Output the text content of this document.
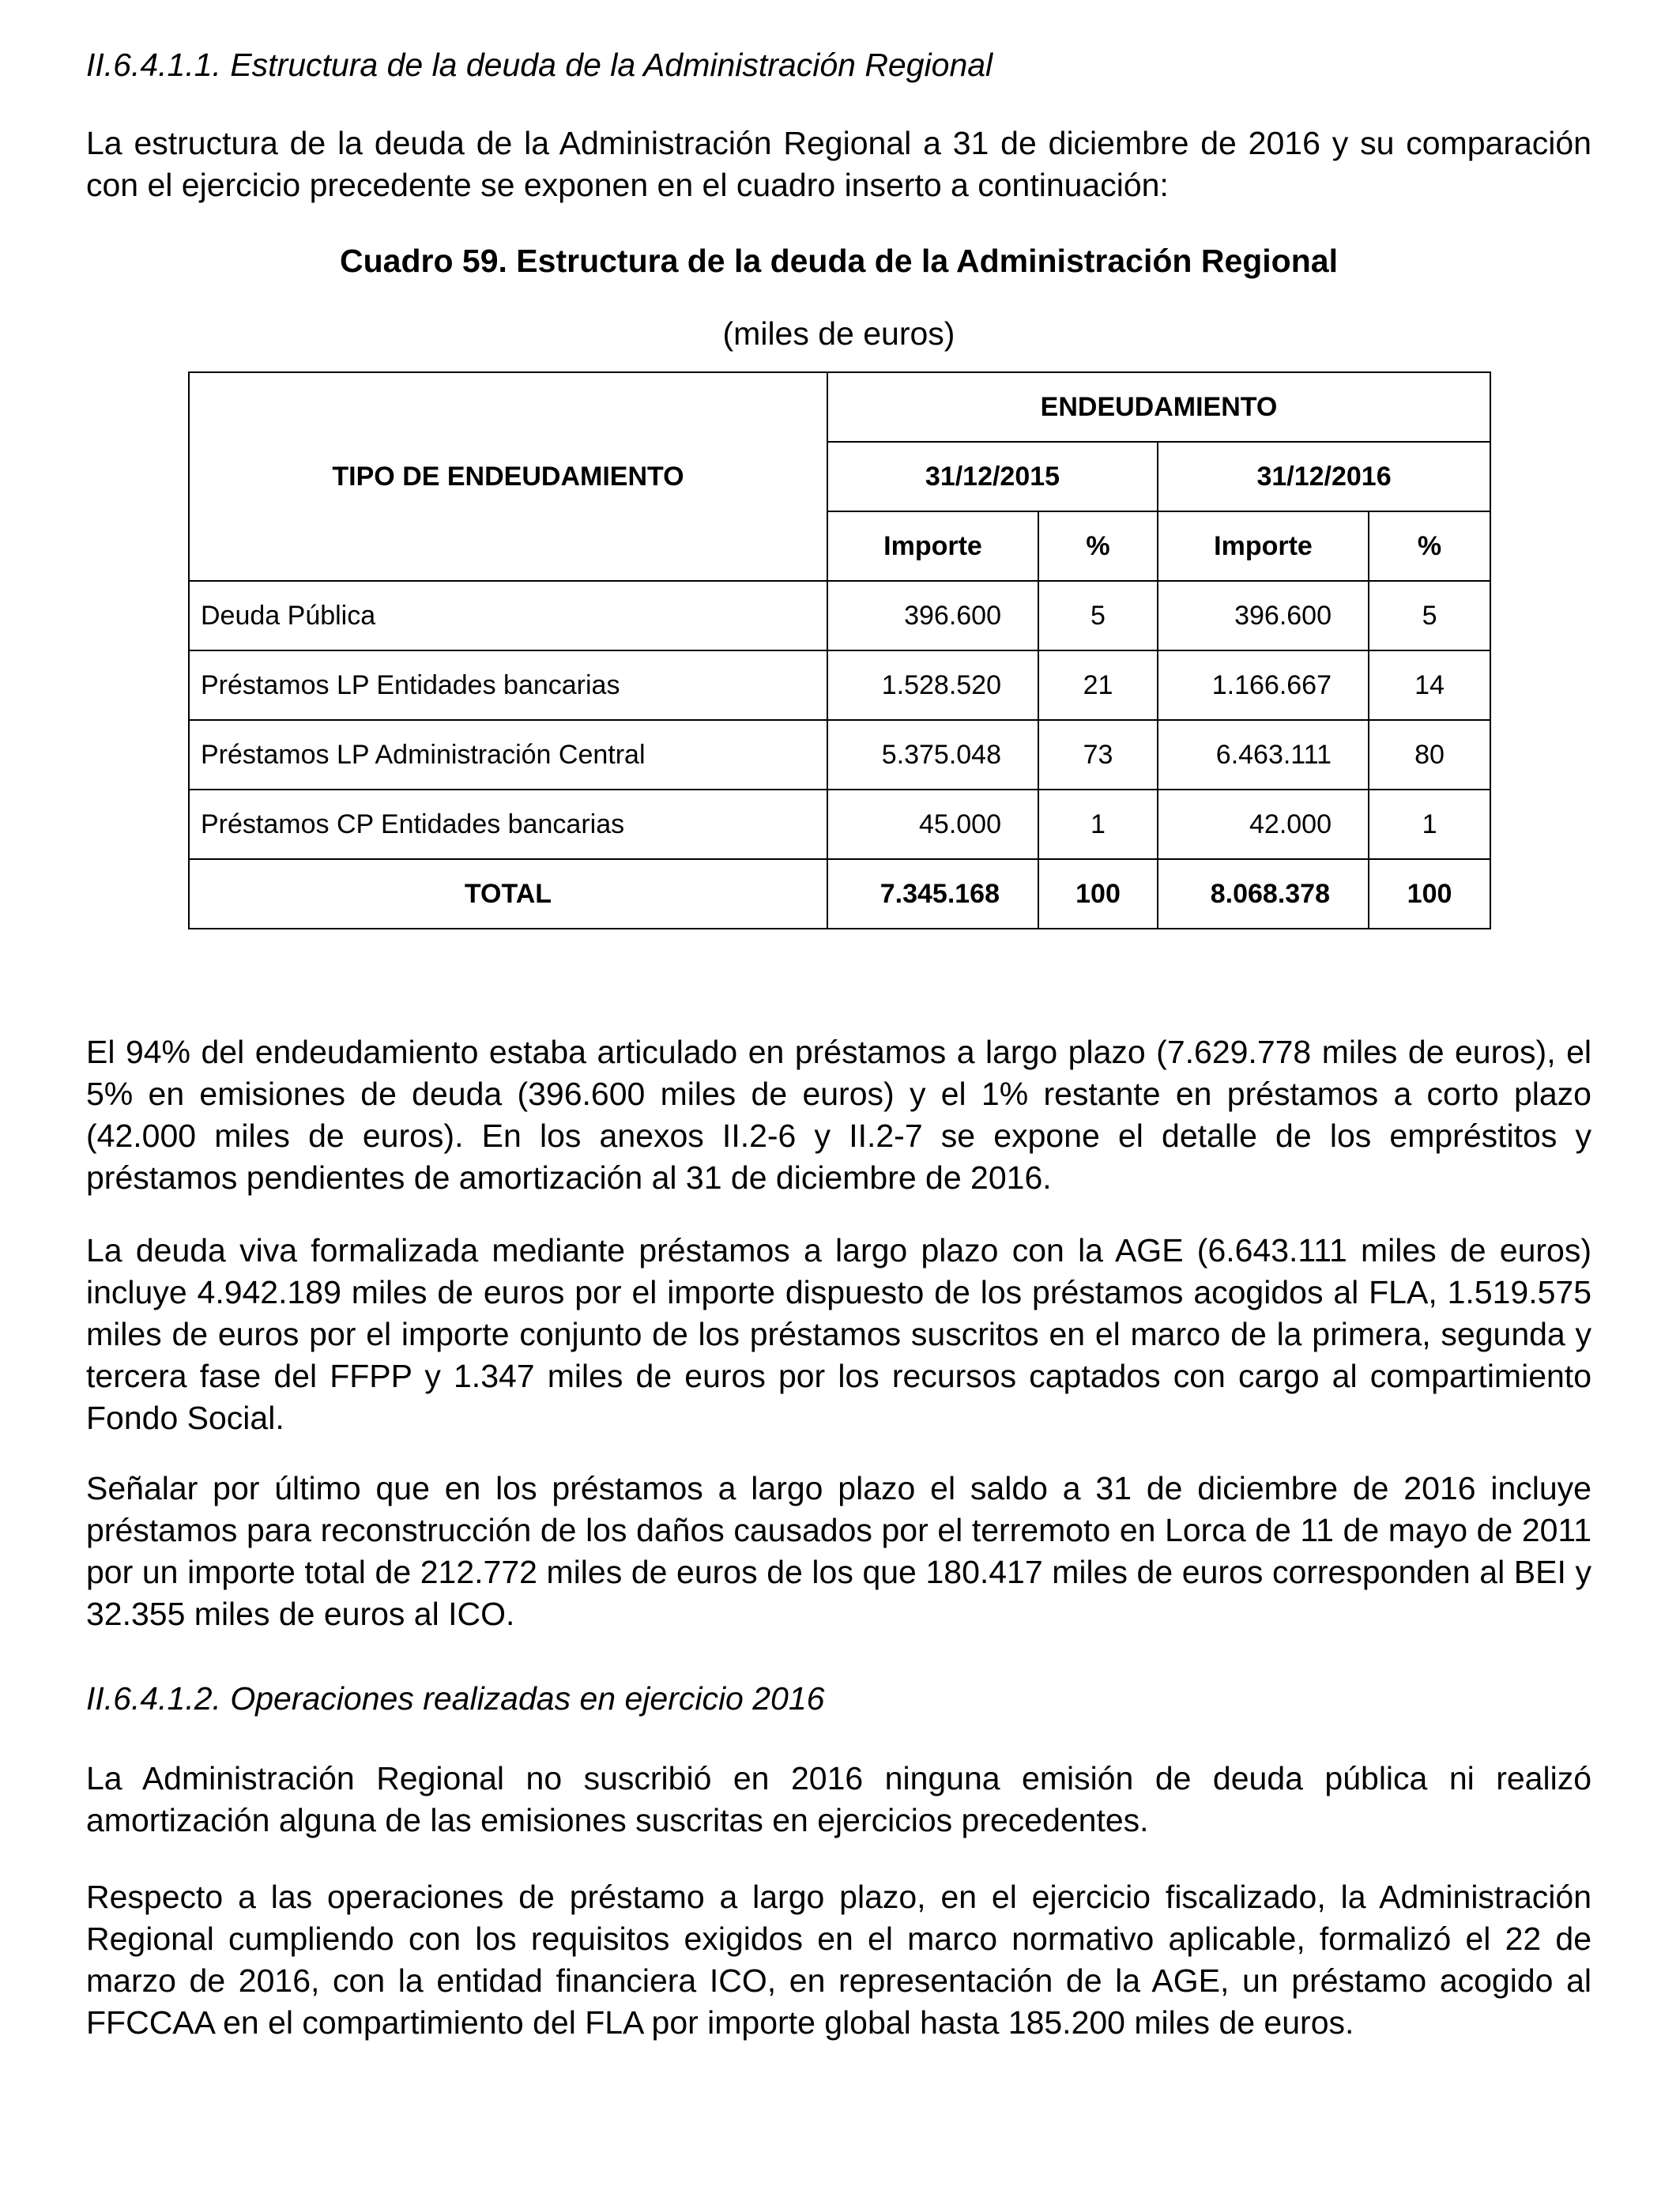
II.6.4.1.1. Estructura de la deuda de la Administración Regional

La estructura de la deuda de la Administración Regional a 31 de diciembre de 2016 y su comparación con el ejercicio precedente se exponen en el cuadro inserto a continuación:

Cuadro 59. Estructura de la deuda de la Administración Regional

(miles de euros)

TIPO DE ENDEUDAMIENTO	ENDEUDAMIENTO			
	31/12/2015		31/12/2016	
	Importe	%	Importe	%
Deuda Pública	396.600	5	396.600	5
Préstamos LP Entidades bancarias	1.528.520	21	1.166.667	14
Préstamos LP Administración Central	5.375.048	73	6.463.111	80
Préstamos CP Entidades bancarias	45.000	1	42.000	1
TOTAL	7.345.168	100	8.068.378	100

El 94% del endeudamiento estaba articulado en préstamos a largo plazo (7.629.778 miles de euros), el 5% en emisiones de deuda (396.600 miles de euros) y el 1% restante en préstamos a corto plazo (42.000 miles de euros). En los anexos II.2-6 y II.2-7 se expone el detalle de los empréstitos y préstamos pendientes de amortización al 31 de diciembre de 2016.

La deuda viva formalizada mediante préstamos a largo plazo con la AGE (6.643.111 miles de euros) incluye 4.942.189 miles de euros por el importe dispuesto de los préstamos acogidos al FLA, 1.519.575 miles de euros por el importe conjunto de los préstamos suscritos en el marco de la primera, segunda y tercera fase del FFPP y 1.347 miles de euros por los recursos captados con cargo al compartimiento Fondo Social.

Señalar por último que en los préstamos a largo plazo el saldo a 31 de diciembre de 2016 incluye préstamos para reconstrucción de los daños causados por el terremoto en Lorca de 11 de mayo de 2011 por un importe total de 212.772 miles de euros de los que 180.417 miles de euros corresponden al BEI y 32.355 miles de euros al ICO.

II.6.4.1.2. Operaciones realizadas en ejercicio 2016

La Administración Regional no suscribió en 2016 ninguna emisión de deuda pública ni realizó amortización alguna de las emisiones suscritas en ejercicios precedentes.

Respecto a las operaciones de préstamo a largo plazo, en el ejercicio fiscalizado, la Administración Regional cumpliendo con los requisitos exigidos en el marco normativo aplicable, formalizó el 22 de marzo de 2016, con la entidad financiera ICO, en representación de la AGE, un préstamo acogido al FFCCAA en el compartimiento del FLA por importe global hasta 185.200 miles de euros.
